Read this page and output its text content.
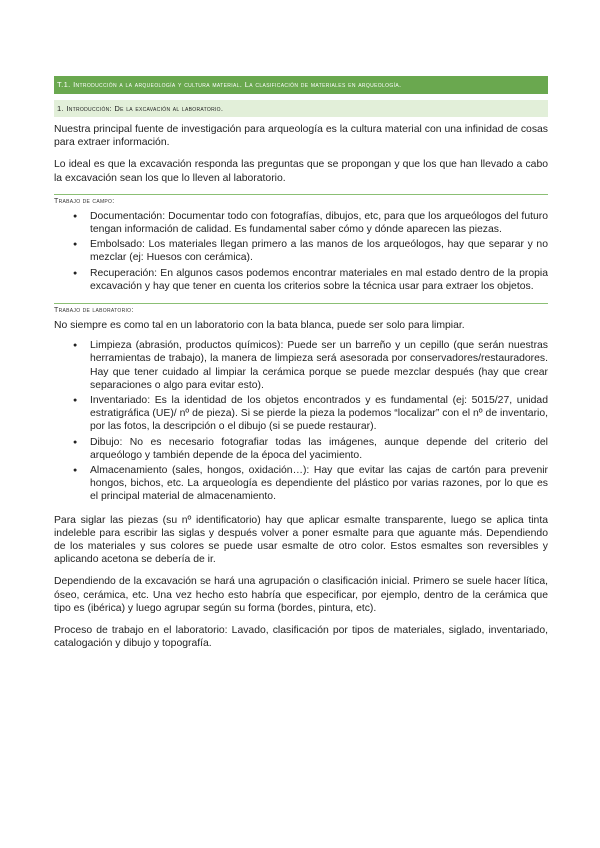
T.1. Introducción a la arqueología y cultura material. La clasificación de materiales en arqueología.
1. Introducción: De la excavación al laboratorio.

Nuestra principal fuente de investigación para arqueología es la cultura material con una infinidad de cosas para extraer información.

Lo ideal es que la excavación responda las preguntas que se propongan y que los que han llevado a cabo la excavación sean los que lo lleven al laboratorio.

Trabajo de campo:
● Documentación: Documentar todo con fotografías, dibujos, etc, para que los arqueólogos del futuro tengan información de calidad. Es fundamental saber cómo y dónde aparecen las piezas.
● Embolsado: Los materiales llegan primero a las manos de los arqueólogos, hay que separar y no mezclar (ej: Huesos con cerámica).
● Recuperación: En algunos casos podemos encontrar materiales en mal estado dentro de la propia excavación y hay que tener en cuenta los criterios sobre la técnica usar para extraer los objetos.
Trabajo de laboratorio:

No siempre es como tal en un laboratorio con la bata blanca, puede ser solo para limpiar.

● Limpieza (abrasión, productos químicos): Puede ser un barreño y un cepillo (que serán nuestras herramientas de trabajo), la manera de limpieza será asesorada por conservadores/restauradores. Hay que tener cuidado al limpiar la cerámica porque se puede mezclar después (hay que crear separaciones o algo para evitar esto).
● Inventariado: Es la identidad de los objetos encontrados y es fundamental (ej: 5015/27, unidad estratigráfica (UE)/ nº de pieza). Si se pierde la pieza la podemos “localizar” con el nº de inventario, por las fotos, la descripción o el dibujo (si se puede restaurar).
● Dibujo: No es necesario fotografiar todas las imágenes, aunque depende del criterio del arqueólogo y también depende de la época del yacimiento.
● Almacenamiento (sales, hongos, oxidación…): Hay que evitar las cajas de cartón para prevenir hongos, bichos, etc. La arqueología es dependiente del plástico por varias razones, por lo que es el principal material de almacenamiento.

Para siglar las piezas (su nº identificatorio) hay que aplicar esmalte transparente, luego se aplica tinta indeleble para escribir las siglas y después volver a poner esmalte para que aguante más. Dependiendo de los materiales y sus colores se puede usar esmalte de otro color. Estos esmaltes son reversibles y aplicando acetona se debería de ir.

Dependiendo de la excavación se hará una agrupación o clasificación inicial. Primero se suele hacer lítica, óseo, cerámica, etc. Una vez hecho esto habría que especificar, por ejemplo, dentro de la cerámica que tipo es (ibérica) y luego agrupar según su forma (bordes, pintura, etc).

Proceso de trabajo en el laboratorio: Lavado, clasificación por tipos de materiales, siglado, inventariado, catalogación y dibujo y topografía.
